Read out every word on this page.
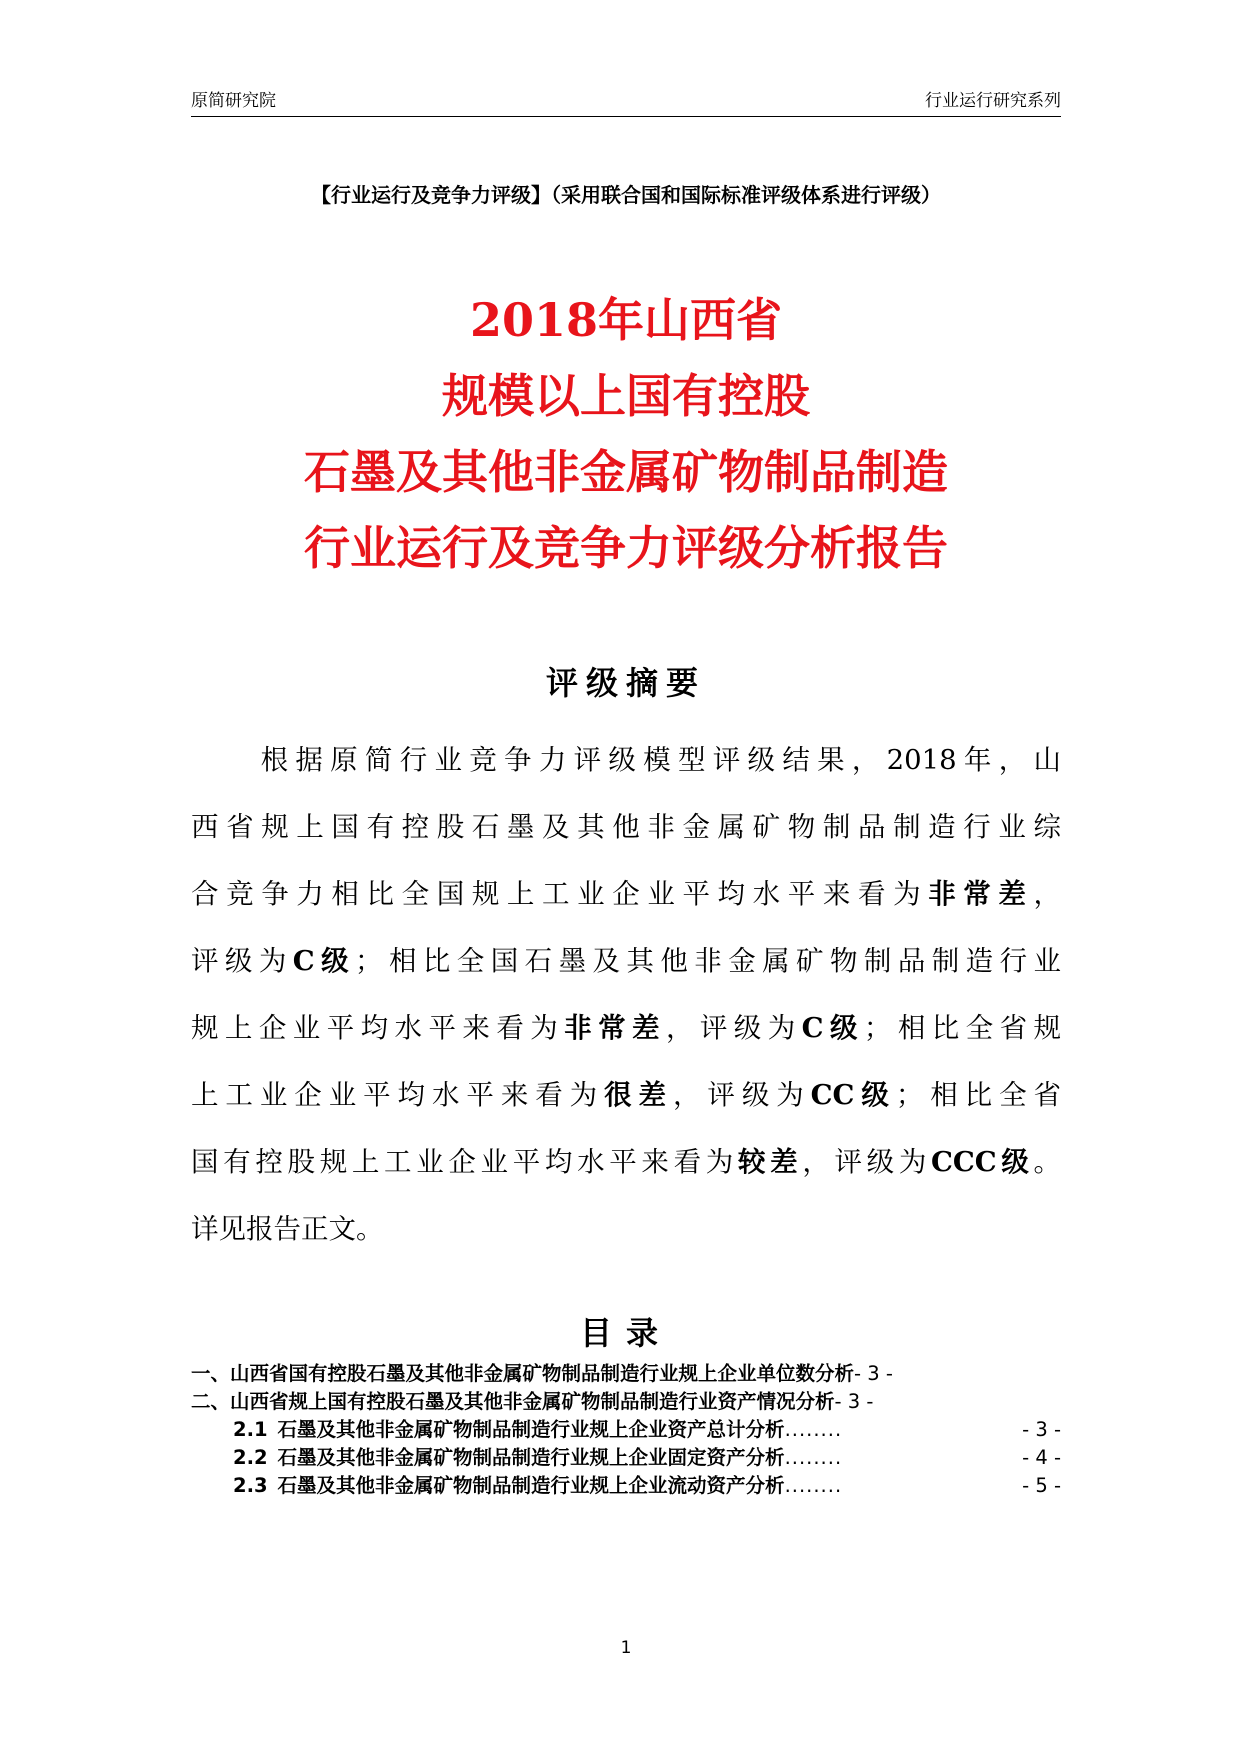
原简研究院	行业运行研究系列
【行业运行及竞争力评级】（采用联合国和国际标准评级体系进行评级）
2018年山西省
规模以上国有控股
石墨及其他非金属矿物制品制造
行业运行及竞争力评级分析报告
评级摘要
　　根据原简行业竞争力评级模型评级结果，2018年，山
西省规上国有控股石墨及其他非金属矿物制品制造行业综
合竞争力相比全国规上工业企业平均水平来看为非常差，
评级为C级；相比全国石墨及其他非金属矿物制品制造行业
规上企业平均水平来看为非常差，评级为C级；相比全省规
上工业企业平均水平来看为很差，评级为CC级；相比全省
国有控股规上工业企业平均水平来看为较差，评级为CCC级。
详见报告正文。
目录
一、山西省国有控股石墨及其他非金属矿物制品制造行业规上企业单位数分析- 3 -
二、山西省规上国有控股石墨及其他非金属矿物制品制造行业资产情况分析- 3 -
2.1 石墨及其他非金属矿物制品制造行业规上企业资产总计分析 ........	- 3 -
2.2 石墨及其他非金属矿物制品制造行业规上企业固定资产分析 ........	- 4 -
2.3 石墨及其他非金属矿物制品制造行业规上企业流动资产分析 ........	- 5 -
1
